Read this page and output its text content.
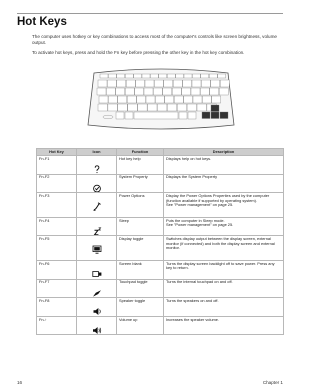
Hot Keys

The computer uses hotkey or key combinations to access most of the computer's controls like screen brightness, volume output.

To activate hot keys, press and hold the Fn key before pressing the other key in the hot key combination.

Hot Key	Icon	Function	Description
Fn-F1		Hot key help	Displays help on hot keys.

Fn-F2		System Property	Displays the System Property

Fn-F3		Power Options	Display the Power Options Properties used by the computer (function available if supported by operating system).
See "Power management" on page 25.

Fn-F4		Sleep	Puts the computer in Sleep mode.
See "Power management" on page 25.

Fn-F5		Display toggle	Switches display output between the display screen, external monitor (if connected) and both the display screen and external monitor.

Fn-F6		Screen blank	Turns the display screen backlight off to save power. Press any key to return.

Fn-F7		Touchpad toggle	Turns the internal touchpad on and off.

Fn-F8		Speaker toggle	Turns the speakers on and off.

Fn-↑		Volume up	Increases the speaker volume.
16	Chapter 1
